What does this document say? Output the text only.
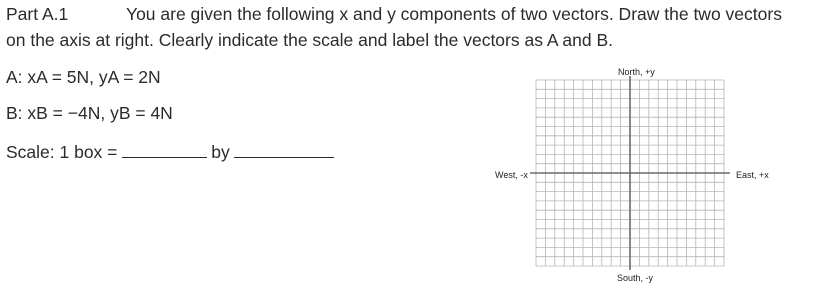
Part A.1	You are given the following x and y components of two vectors. Draw the two vectors
on the axis at right. Clearly indicate the scale and label the vectors as A and B.
A: xA = 5N, yA = 2N
B: xB = −4N, yB = 4N
Scale: 1 box =	by
North, +y
South, -y
West, -x	East, +x
